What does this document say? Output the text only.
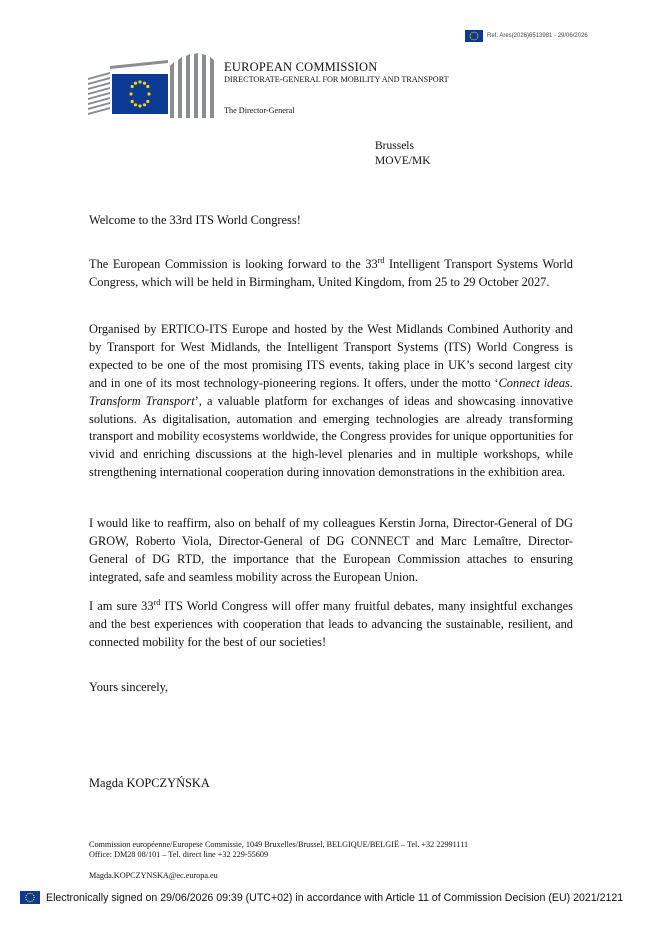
Ref. Ares(2026)6513981 - 29/06/2026
EUROPEAN COMMISSION
DIRECTORATE-GENERAL FOR MOBILITY AND TRANSPORT
The Director-General
Brussels
MOVE/MK
Welcome to the 33rd ITS World Congress!
The European Commission is looking forward to the 33rd Intelligent Transport Systems World Congress, which will be held in Birmingham, United Kingdom, from 25 to 29 October 2027.
Organised by ERTICO-ITS Europe and hosted by the West Midlands Combined Authority and by Transport for West Midlands, the Intelligent Transport Systems (ITS) World Congress is expected to be one of the most promising ITS events, taking place in UK’s second largest city and in one of its most technology-pioneering regions. It offers, under the motto ‘Connect ideas. Transform Transport’, a valuable platform for exchanges of ideas and showcasing innovative solutions. As digitalisation, automation and emerging technologies are already transforming transport and mobility ecosystems worldwide, the Congress provides for unique opportunities for vivid and enriching discussions at the high-level plenaries and in multiple workshops, while strengthening international cooperation during innovation demonstrations in the exhibition area.
I would like to reaffirm, also on behalf of my colleagues Kerstin Jorna, Director-General of DG GROW, Roberto Viola, Director-General of DG CONNECT and Marc Lemaître, Director-General of DG RTD, the importance that the European Commission attaches to ensuring integrated, safe and seamless mobility across the European Union.
I am sure 33rd ITS World Congress will offer many fruitful debates, many insightful exchanges and the best experiences with cooperation that leads to advancing the sustainable, resilient, and connected mobility for the best of our societies!
Yours sincerely,
Magda KOPCZYŃSKA
Commission européenne/Europese Commissie, 1049 Bruxelles/Brussel, BELGIQUE/BELGIË – Tel. +32 22991111
Office: DM28 08/101 – Tel. direct line +32 229-55609
Magda.KOPCZYNSKA@ec.europa.eu
Electronically signed on 29/06/2026 09:39 (UTC+02) in accordance with Article 11 of Commission Decision (EU) 2021/2121
